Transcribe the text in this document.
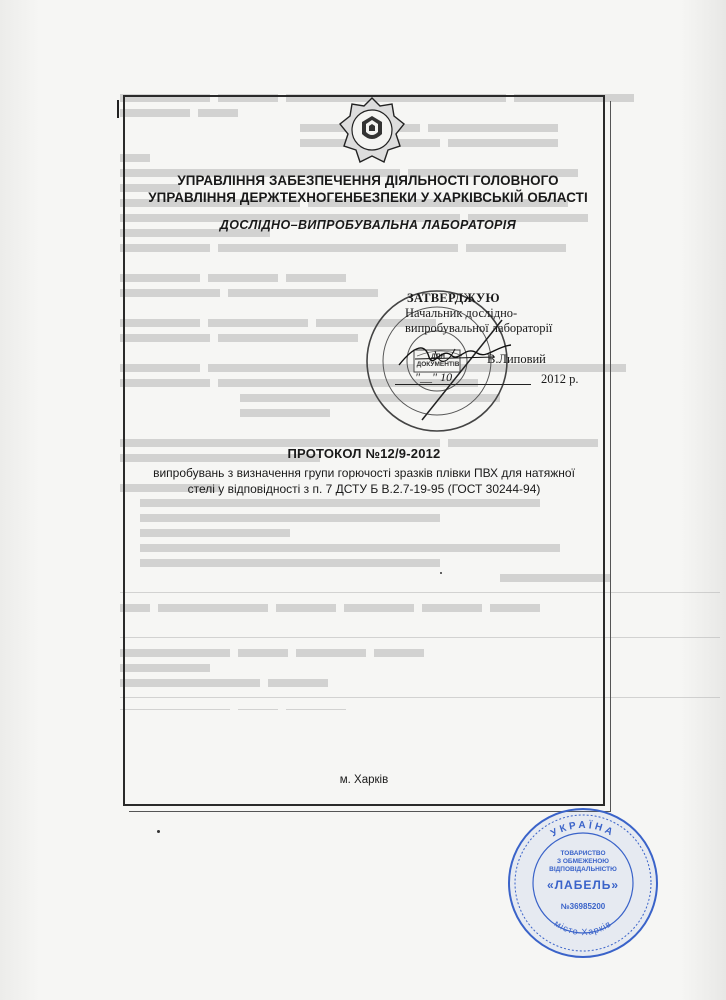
ДЛЯ ДОКУМЕНТІВ
УПРАВЛІННЯ ЗАБЕЗПЕЧЕННЯ ДІЯЛЬНОСТІ ГОЛОВНОГО
УПРАВЛІННЯ ДЕРЖТЕХНОГЕНБЕЗПЕКИ У ХАРКІВСЬКІЙ ОБЛАСТІ
ДОСЛІДНО–ВИПРОБУВАЛЬНА ЛАБОРАТОРІЯ
ЗАТВЕРДЖУЮ
Начальник дослідно-
випробувальної лабораторії
В.Липовий
"__" 10	2012 р.
ПРОТОКОЛ №12/9-2012
випробувань з визначення групи горючості зразків плівки ПВХ для натяжної
стелі у відповідності з п. 7 ДСТУ Б В.2.7-19-95 (ГОСТ 30244-94)
м. Харків
УКРАЇНА
місто Харків
ТОВАРИСТВО
З ОБМЕЖЕНОЮ
ВІДПОВІДАЛЬНІСТЮ
«ЛАБЕЛЬ»
№36985200
